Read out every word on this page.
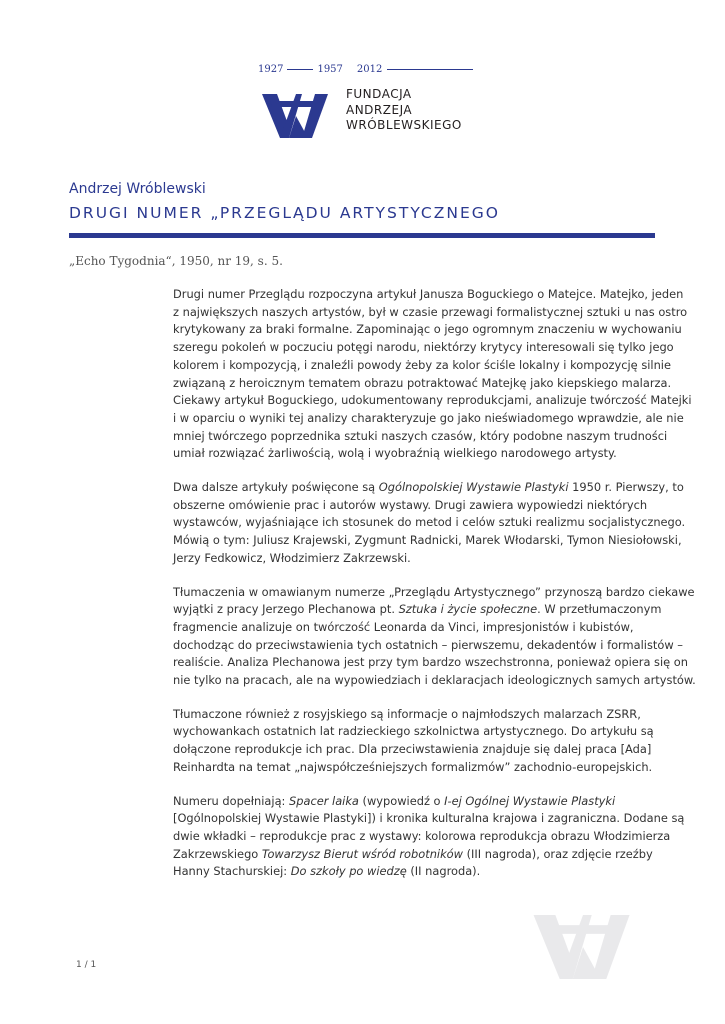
1927	1957 2012
FUNDACJA
ANDRZEJA
WRÓBLEWSKIEGO
Andrzej Wróblewski
DRUGI NUMER „PRZEGLĄDU ARTYSTYCZNEGO
„Echo Tygodnia“, 1950, nr 19, s. 5.
Drugi numer Przeglądu rozpoczyna artykuł Janusza Boguckiego o Matejce. Matejko, jeden
z największych naszych artystów, był w czasie przewagi formalistycznej sztuki u nas ostro
krytykowany za braki formalne. Zapominając o jego ogromnym znaczeniu w wychowaniu
szeregu pokoleń w poczuciu potęgi narodu, niektórzy krytycy interesowali się tylko jego
kolorem i kompozycją, i znaleźli powody żeby za kolor ściśle lokalny i kompozycję silnie
związaną z heroicznym tematem obrazu potraktować Matejkę jako kiepskiego malarza.
Ciekawy artykuł Boguckiego, udokumentowany reprodukcjami, analizuje twórczość Matejki
i w oparciu o wyniki tej analizy charakteryzuje go jako nieświadomego wprawdzie, ale nie
mniej twórczego poprzednika sztuki naszych czasów, który podobne naszym trudności
umiał rozwiązać żarliwością, wolą i wyobraźnią wielkiego narodowego artysty.
Dwa dalsze artykuły poświęcone są Ogólnopolskiej Wystawie Plastyki 1950 r. Pierwszy, to
obszerne omówienie prac i autorów wystawy. Drugi zawiera wypowiedzi niektórych
wystawców, wyjaśniające ich stosunek do metod i celów sztuki realizmu socjalistycznego.
Mówią o tym: Juliusz Krajewski, Zygmunt Radnicki, Marek Włodarski, Tymon Niesiołowski,
Jerzy Fedkowicz, Włodzimierz Zakrzewski.
Tłumaczenia w omawianym numerze „Przeglądu Artystycznego” przynoszą bardzo ciekawe
wyjątki z pracy Jerzego Plechanowa pt. Sztuka i życie społeczne. W przetłumaczonym
fragmencie analizuje on twórczość Leonarda da Vinci, impresjonistów i kubistów,
dochodząc do przeciwstawienia tych ostatnich – pierwszemu, dekadentów i formalistów –
realiście. Analiza Plechanowa jest przy tym bardzo wszechstronna, ponieważ opiera się on
nie tylko na pracach, ale na wypowiedziach i deklaracjach ideologicznych samych artystów.
Tłumaczone również z rosyjskiego są informacje o najmłodszych malarzach ZSRR,
wychowankach ostatnich lat radzieckiego szkolnictwa artystycznego. Do artykułu są
dołączone reprodukcje ich prac. Dla przeciwstawienia znajduje się dalej praca [Ada]
Reinhardta na temat „najwspółcześniejszych formalizmów” zachodnio-europejskich.
Numeru dopełniają: Spacer laika (wypowiedź o I-ej Ogólnej Wystawie Plastyki
[Ogólnopolskiej Wystawie Plastyki]) i kronika kulturalna krajowa i zagraniczna. Dodane są
dwie wkładki – reprodukcje prac z wystawy: kolorowa reprodukcja obrazu Włodzimierza
Zakrzewskiego Towarzysz Bierut wśród robotników (III nagroda), oraz zdjęcie rzeźby
Hanny Stachurskiej: Do szkoły po wiedzę (II nagroda).
1 / 1
